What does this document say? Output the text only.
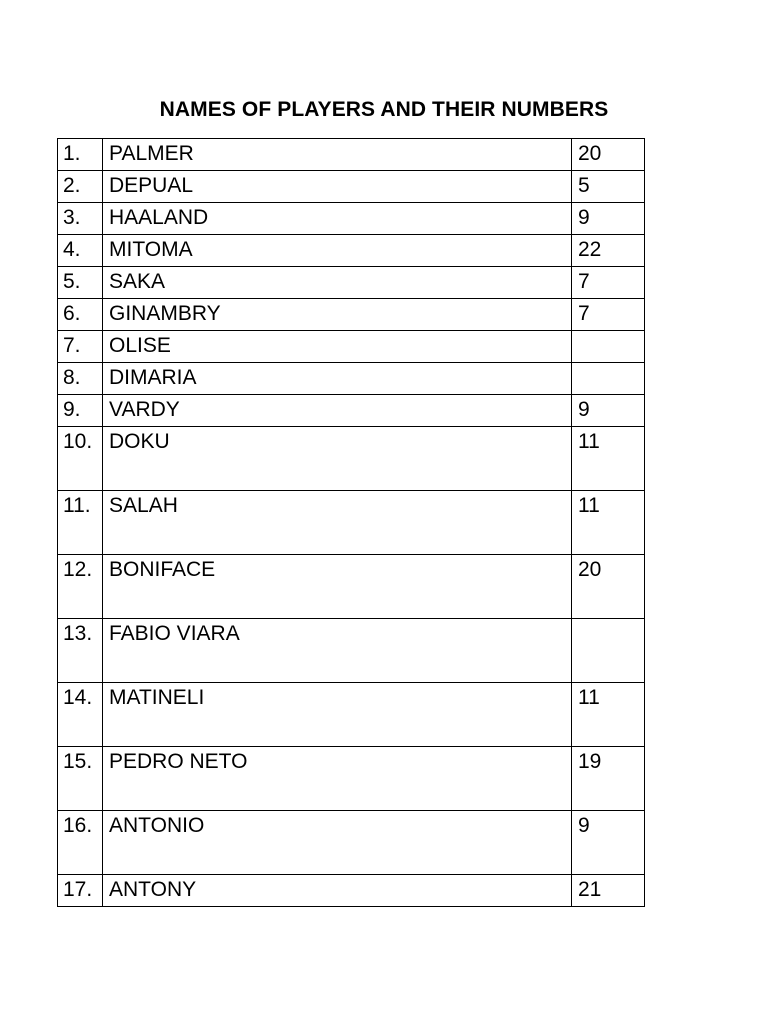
NAMES OF PLAYERS AND THEIR NUMBERS
1.	PALMER	20
2.	DEPUAL	5
3.	HAALAND	9
4.	MITOMA	22
5.	SAKA	7
6.	GINAMBRY	7
7.	OLISE	
8.	DIMARIA	
9.	VARDY	9
10.	DOKU	11
11.	SALAH	11
12.	BONIFACE	20
13.	FABIO VIARA	
14.	MATINELI	11
15.	PEDRO NETO	19
16.	ANTONIO	9
17.	ANTONY	21
